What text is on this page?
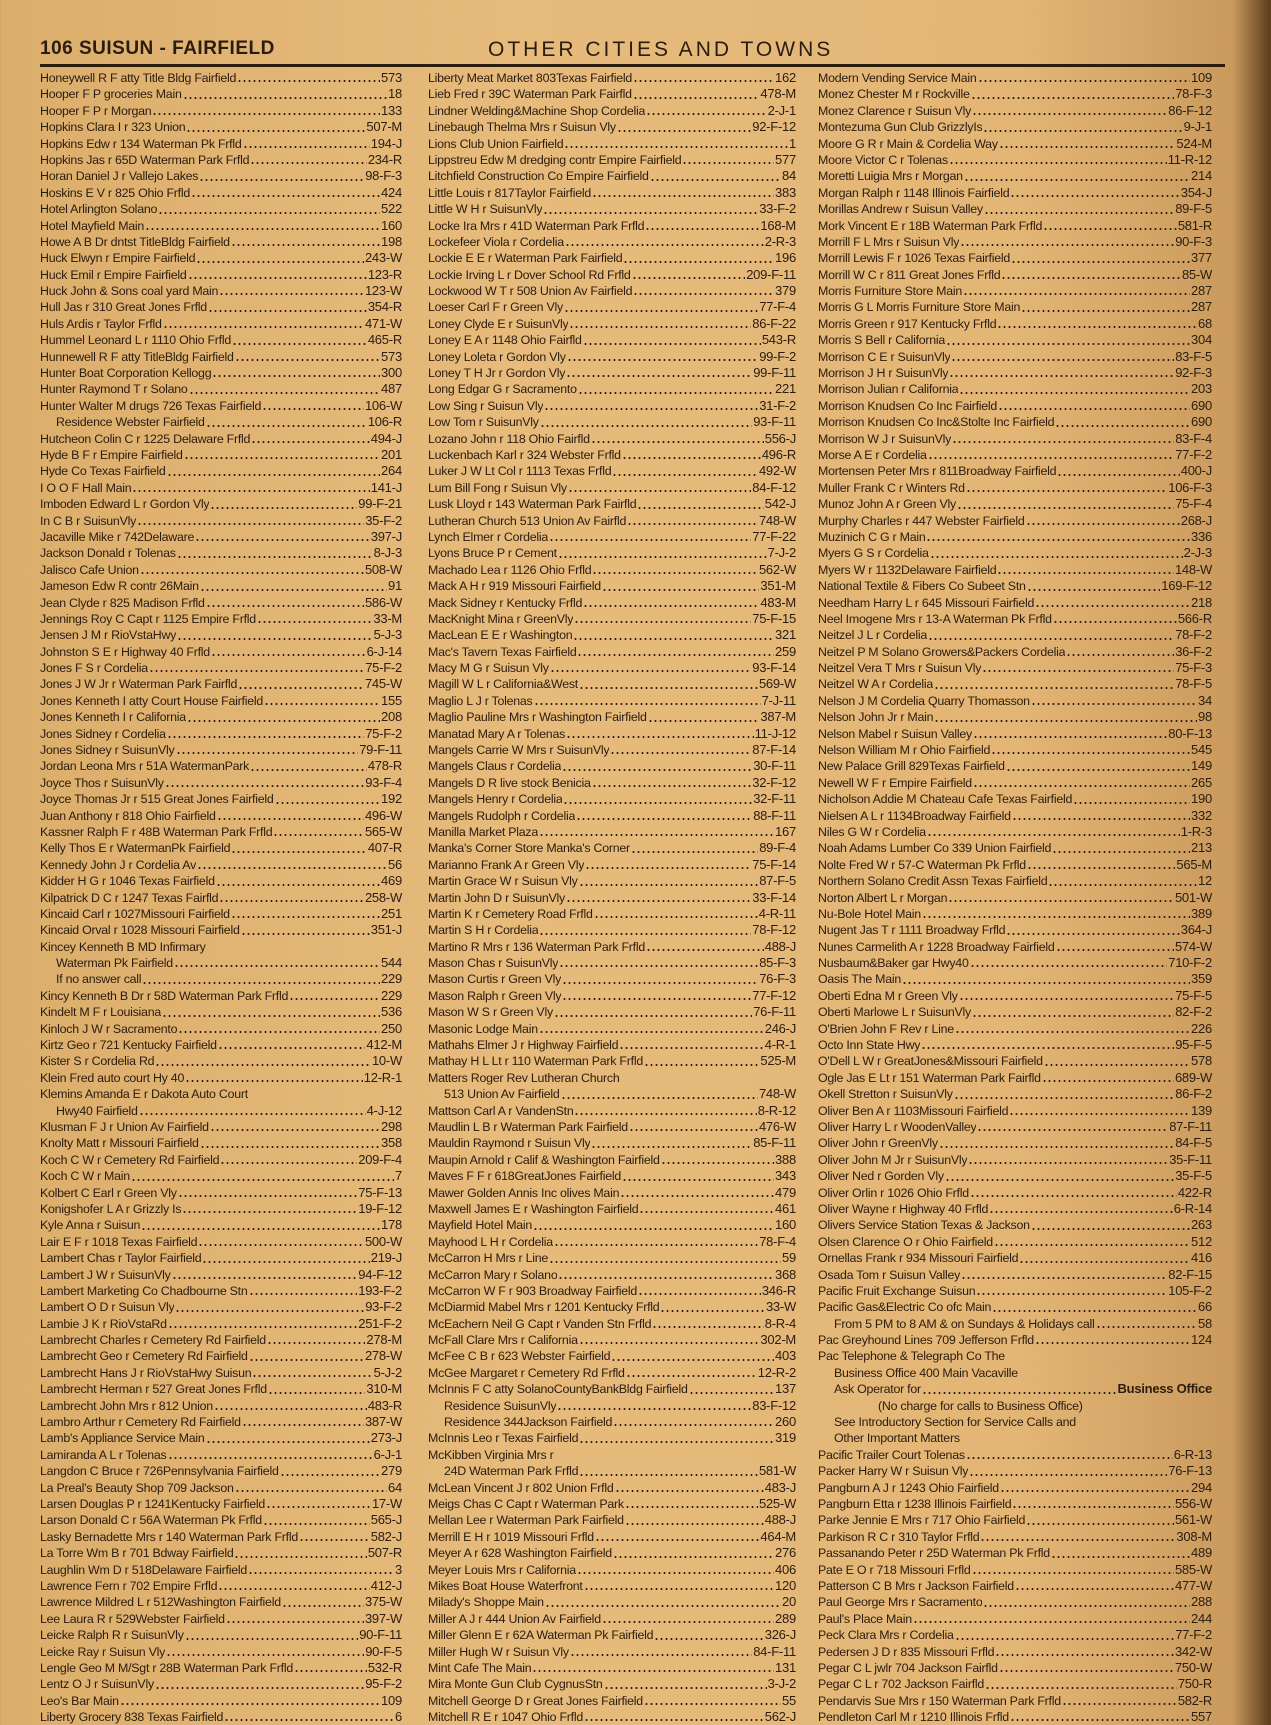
106 SUISUN - FAIRFIELD	OTHER CITIES AND TOWNS
Honeywell R F atty Title Bldg Fairfield	573
Hooper F P groceries Main	18
Hooper F P r Morgan	133
Hopkins Clara I r 323 Union	507-M
Hopkins Edw r 134 Waterman Pk Frfld	194-J
Hopkins Jas r 65D Waterman Park Frfld	234-R
Horan Daniel J r Vallejo Lakes	98-F-3
Hoskins E V r 825 Ohio Frfld	424
Hotel Arlington Solano	522
Hotel Mayfield Main	160
Howe A B Dr dntst TitleBldg Fairfield	198
Huck Elwyn r Empire Fairfield	243-W
Huck Emil r Empire Fairfield	123-R
Huck John & Sons coal yard Main	123-W
Hull Jas r 310 Great Jones Frfld	354-R
Huls Ardis r Taylor Frfld	471-W
Hummel Leonard L r 1110 Ohio Frfld	465-R
Hunnewell R F atty TitleBldg Fairfield	573
Hunter Boat Corporation Kellogg	300
Hunter Raymond T r Solano	487
Hunter Walter M drugs 726 Texas Fairfield	106-W
Residence Webster Fairfield	106-R
Hutcheon Colin C r 1225 Delaware Frfld	494-J
Hyde B F r Empire Fairfield	201
Hyde Co Texas Fairfield	264
I O O F Hall Main	141-J
Imboden Edward L r Gordon Vly	99-F-21
In C B r SuisunVly	35-F-2
Jacaville Mike r 742Delaware	397-J
Jackson Donald r Tolenas	8-J-3
Jalisco Cafe Union	508-W
Jameson Edw R contr 26Main	91
Jean Clyde r 825 Madison Frfld	586-W
Jennings Roy C Capt r 1125 Empire Frfld	33-M
Jensen J M r RioVstaHwy	5-J-3
Johnston S E r Highway 40 Frfld	6-J-14
Jones F S r Cordelia	75-F-2
Jones J W Jr r Waterman Park Fairfld	745-W
Jones Kenneth I atty Court House Fairfield	155
Jones Kenneth I r California	208
Jones Sidney r Cordelia	75-F-2
Jones Sidney r SuisunVly	79-F-11
Jordan Leona Mrs r 51A WatermanPark	478-R
Joyce Thos r SuisunVly	93-F-4
Joyce Thomas Jr r 515 Great Jones Fairfield	192
Juan Anthony r 818 Ohio Fairfield	496-W
Kassner Ralph F r 48B Waterman Park Frfld	565-W
Kelly Thos E r WatermanPk Fairfield	407-R
Kennedy John J r Cordelia Av	56
Kidder H G r 1046 Texas Fairfield	469
Kilpatrick D C r 1247 Texas Fairfld	258-W
Kincaid Carl r 1027Missouri Fairfield	251
Kincaid Orval r 1028 Missouri Fairfield	351-J
Kincey Kenneth B MD Infirmary
Waterman Pk Fairfield	544
If no answer call	229
Kincy Kenneth B Dr r 58D Waterman Park Frfld	229
Kindelt M F r Louisiana	536
Kinloch J W r Sacramento	250
Kirtz Geo r 721 Kentucky Fairfield	412-M
Kister S r Cordelia Rd	10-W
Klein Fred auto court Hy 40	12-R-1
Klemins Amanda E r Dakota Auto Court
Hwy40 Fairfield	4-J-12
Klusman F J r Union Av Fairfield	298
Knolty Matt r Missouri Fairfield	358
Koch C W r Cemetery Rd Fairfield	209-F-4
Koch C W r Main	7
Kolbert C Earl r Green Vly	75-F-13
Konigshofer L A r Grizzly Is	19-F-12
Kyle Anna r Suisun	178
Lair E F r 1018 Texas Fairfield	500-W
Lambert Chas r Taylor Fairfield	219-J
Lambert J W r SuisunVly	94-F-12
Lambert Marketing Co Chadbourne Stn	193-F-2
Lambert O D r Suisun Vly	93-F-2
Lambie J K r RioVstaRd	251-F-2
Lambrecht Charles r Cemetery Rd Fairfield	278-M
Lambrecht Geo r Cemetery Rd Fairfield	278-W
Lambrecht Hans J r RioVstaHwy Suisun	5-J-2
Lambrecht Herman r 527 Great Jones Frfld	310-M
Lambrecht John Mrs r 812 Union	483-R
Lambro Arthur r Cemetery Rd Fairfield	387-W
Lamb's Appliance Service Main	273-J
Lamiranda A L r Tolenas	6-J-1
Langdon C Bruce r 726Pennsylvania Fairfield	279
La Preal's Beauty Shop 709 Jackson	64
Larsen Douglas P r 1241Kentucky Fairfield	17-W
Larson Donald C r 56A Waterman Pk Frfld	565-J
Lasky Bernadette Mrs r 140 Waterman Park Frfld	582-J
La Torre Wm B r 701 Bdway Fairfield	507-R
Laughlin Wm D r 518Delaware Fairfield	3
Lawrence Fern r 702 Empire Frfld	412-J
Lawrence Mildred L r 512Washington Fairfield	375-W
Lee Laura R r 529Webster Fairfield	397-W
Leicke Ralph R r SuisunVly	90-F-11
Leicke Ray r Suisun Vly	90-F-5
Lengle Geo M M/Sgt r 28B Waterman Park Frfld	532-R
Lentz O J r SuisunVly	95-F-2
Leo's Bar Main	109
Liberty Grocery 838 Texas Fairfield	6
Liberty Meat Market 803Texas Fairfield	162
Lieb Fred r 39C Waterman Park Fairfld	478-M
Lindner Welding&Machine Shop Cordelia	2-J-1
Linebaugh Thelma Mrs r Suisun Vly	92-F-12
Lions Club Union Fairfield	1
Lippstreu Edw M dredging contr Empire Fairfield	577
Litchfield Construction Co Empire Fairfield	84
Little Louis r 817Taylor Fairfield	383
Little W H r SuisunVly	33-F-2
Locke Ira Mrs r 41D Waterman Park Frfld	168-M
Lockefeer Viola r Cordelia	2-R-3
Lockie E E r Waterman Park Fairfield	196
Lockie Irving L r Dover School Rd Frfld	209-F-11
Lockwood W T r 508 Union Av Fairfield	379
Loeser Carl F r Green Vly	77-F-4
Loney Clyde E r SuisunVly	86-F-22
Loney E A r 1148 Ohio Fairfld	543-R
Loney Loleta r Gordon Vly	99-F-2
Loney T H Jr r Gordon Vly	99-F-11
Long Edgar G r Sacramento	221
Low Sing r Suisun Vly	31-F-2
Low Tom r SuisunVly	93-F-11
Lozano John r 118 Ohio Fairfld	556-J
Luckenbach Karl r 324 Webster Frfld	496-R
Luker J W Lt Col r 1113 Texas Frfld	492-W
Lum Bill Fong r Suisun Vly	84-F-12
Lusk Lloyd r 143 Waterman Park Fairfld	542-J
Lutheran Church 513 Union Av Fairfld	748-W
Lynch Elmer r Cordelia	77-F-22
Lyons Bruce P r Cement	7-J-2
Machado Lea r 1126 Ohio Frfld	562-W
Mack A H r 919 Missouri Fairfield	351-M
Mack Sidney r Kentucky Frfld	483-M
MacKnight Mina r GreenVly	75-F-15
MacLean E E r Washington	321
Mac's Tavern Texas Fairfield	259
Macy M G r Suisun Vly	93-F-14
Magill W L r California&West	569-W
Maglio L J r Tolenas	7-J-11
Maglio Pauline Mrs r Washington Fairfield	387-M
Manatad Mary A r Tolenas	11-J-12
Mangels Carrie W Mrs r SuisunVly	87-F-14
Mangels Claus r Cordelia	30-F-11
Mangels D R live stock Benicia	32-F-12
Mangels Henry r Cordelia	32-F-11
Mangels Rudolph r Cordelia	88-F-11
Manilla Market Plaza	167
Manka's Corner Store Manka's Corner	89-F-4
Marianno Frank A r Green Vly	75-F-14
Martin Grace W r Suisun Vly	87-F-5
Martin John D r SuisunVly	33-F-14
Martin K r Cemetery Road Frfld	4-R-11
Martin S H r Cordelia	78-F-12
Martino R Mrs r 136 Waterman Park Frfld	488-J
Mason Chas r SuisunVly	85-F-3
Mason Curtis r Green Vly	76-F-3
Mason Ralph r Green Vly	77-F-12
Mason W S r Green Vly	76-F-11
Masonic Lodge Main	246-J
Mathahs Elmer J r Highway Fairfield	4-R-1
Mathay H L Lt r 110 Waterman Park Frfld	525-M
Matters Roger Rev Lutheran Church
513 Union Av Fairfield	748-W
Mattson Carl A r VandenStn	8-R-12
Maudlin L B r Waterman Park Fairfield	476-W
Mauldin Raymond r Suisun Vly	85-F-11
Maupin Arnold r Calif & Washington Fairfield	388
Maves F F r 618GreatJones Fairfield	343
Mawer Golden Annis Inc olives Main	479
Maxwell James E r Washington Fairfield	461
Mayfield Hotel Main	160
Mayhood L H r Cordelia	78-F-4
McCarron H Mrs r Line	59
McCarron Mary r Solano	368
McCarron W F r 903 Broadway Fairfield	346-R
McDiarmid Mabel Mrs r 1201 Kentucky Frfld	33-W
McEachern Neil G Capt r Vanden Stn Frfld	8-R-4
McFall Clare Mrs r California	302-M
McFee C B r 623 Webster Fairfield	403
McGee Margaret r Cemetery Rd Frfld	12-R-2
McInnis F C atty SolanoCountyBankBldg Fairfield	137
Residence SuisunVly	83-F-12
Residence 344Jackson Fairfield	260
McInnis Leo r Texas Fairfield	319
McKibben Virginia Mrs r
24D Waterman Park Frfld	581-W
McLean Vincent J r 802 Union Frfld	483-J
Meigs Chas C Capt r Waterman Park	525-W
Mellan Lee r Waterman Park Fairfield	488-J
Merrill E H r 1019 Missouri Frfld	464-M
Meyer A r 628 Washington Fairfield	276
Meyer Louis Mrs r California	406
Mikes Boat House Waterfront	120
Milady's Shoppe Main	20
Miller A J r 444 Union Av Fairfield	289
Miller Glenn E r 62A Waterman Pk Fairfield	326-J
Miller Hugh W r Suisun Vly	84-F-11
Mint Cafe The Main	131
Mira Monte Gun Club CygnusStn	3-J-2
Mitchell George D r Great Jones Fairfield	55
Mitchell R E r 1047 Ohio Frfld	562-J
Modern Vending Service Main	109
Monez Chester M r Rockville	78-F-3
Monez Clarence r Suisun Vly	86-F-12
Montezuma Gun Club GrizzlyIs	9-J-1
Moore G R r Main & Cordelia Way	524-M
Moore Victor C r Tolenas	11-R-12
Moretti Luigia Mrs r Morgan	214
Morgan Ralph r 1148 Illinois Fairfield	354-J
Morillas Andrew r Suisun Valley	89-F-5
Mork Vincent E r 18B Waterman Park Frfld	581-R
Morrill F L Mrs r Suisun Vly	90-F-3
Morrill Lewis F r 1026 Texas Fairfield	377
Morrill W C r 811 Great Jones Frfld	85-W
Morris Furniture Store Main	287
Morris G L Morris Furniture Store Main	287
Morris Green r 917 Kentucky Frfld	68
Morris S Bell r California	304
Morrison C E r SuisunVly	83-F-5
Morrison J H r SuisunVly	92-F-3
Morrison Julian r California	203
Morrison Knudsen Co Inc Fairfield	690
Morrison Knudsen Co Inc&Stolte Inc Fairfield	690
Morrison W J r SuisunVly	83-F-4
Morse A E r Cordelia	77-F-2
Mortensen Peter Mrs r 811Broadway Fairfield	400-J
Muller Frank C r Winters Rd	106-F-3
Munoz John A r Green Vly	75-F-4
Murphy Charles r 447 Webster Fairfield	268-J
Muzinich C G r Main	336
Myers G S r Cordelia	2-J-3
Myers W r 1132Delaware Fairfield	148-W
National Textile & Fibers Co Subeet Stn	169-F-12
Needham Harry L r 645 Missouri Fairfield	218
Neel Imogene Mrs r 13-A Waterman Pk Frfld	566-R
Neitzel J L r Cordelia	78-F-2
Neitzel P M Solano Growers&Packers Cordelia	36-F-2
Neitzel Vera T Mrs r Suisun Vly	75-F-3
Neitzel W A r Cordelia	78-F-5
Nelson J M Cordelia Quarry Thomasson	34
Nelson John Jr r Main	98
Nelson Mabel r Suisun Valley	80-F-13
Nelson William M r Ohio Fairfield	545
New Palace Grill 829Texas Fairfield	149
Newell W F r Empire Fairfield	265
Nicholson Addie M Chateau Cafe Texas Fairfield	190
Nielsen A L r 1134Broadway Fairfield	332
Niles G W r Cordelia	1-R-3
Noah Adams Lumber Co 339 Union Fairfield	213
Nolte Fred W r 57-C Waterman Pk Frfld	565-M
Northern Solano Credit Assn Texas Fairfield	12
Norton Albert L r Morgan	501-W
Nu-Bole Hotel Main	389
Nugent Jas T r 1111 Broadway Frfld	364-J
Nunes Carmelith A r 1228 Broadway Fairfield	574-W
Nusbaum&Baker gar Hwy40	710-F-2
Oasis The Main	359
Oberti Edna M r Green Vly	75-F-5
Oberti Marlowe L r SuisunVly	82-F-2
O'Brien John F Rev r Line	226
Octo Inn State Hwy	95-F-5
O'Dell L W r GreatJones&Missouri Fairfield	578
Ogle Jas E Lt r 151 Waterman Park Fairfld	689-W
Okell Stretton r SuisunVly	86-F-2
Oliver Ben A r 1103Missouri Fairfield	139
Oliver Harry L r WoodenValley	87-F-11
Oliver John r GreenVly	84-F-5
Oliver John M Jr r SuisunVly	35-F-11
Oliver Ned r Gorden Vly	35-F-5
Oliver Orlin r 1026 Ohio Frfld	422-R
Oliver Wayne r Highway 40 Frfld	6-R-14
Olivers Service Station Texas & Jackson	263
Olsen Clarence O r Ohio Fairfield	512
Ornellas Frank r 934 Missouri Fairfield	416
Osada Tom r Suisun Valley	82-F-15
Pacific Fruit Exchange Suisun	105-F-2
Pacific Gas&Electric Co ofc Main	66
From 5 PM to 8 AM & on Sundays & Holidays call	58
Pac Greyhound Lines 709 Jefferson Frfld	124
Pac Telephone & Telegraph Co The
Business Office 400 Main Vacaville
Ask Operator for	Business Office
(No charge for calls to Business Office)
See Introductory Section for Service Calls and
Other Important Matters
Pacific Trailer Court Tolenas	6-R-13
Packer Harry W r Suisun Vly	76-F-13
Pangburn A J r 1243 Ohio Fairfield	294
Pangburn Etta r 1238 Illinois Fairfield	556-W
Parke Jennie E Mrs r 717 Ohio Fairfield	561-W
Parkison R C r 310 Taylor Frfld	308-M
Passanando Peter r 25D Waterman Pk Frfld	489
Pate E O r 718 Missouri Frfld	585-W
Patterson C B Mrs r Jackson Fairfield	477-W
Paul George Mrs r Sacramento	288
Paul's Place Main	244
Peck Clara Mrs r Cordelia	77-F-2
Pedersen J D r 835 Missouri Frfld	342-W
Pegar C L jwlr 704 Jackson Fairfld	750-W
Pegar C L r 702 Jackson Fairfld	750-R
Pendarvis Sue Mrs r 150 Waterman Park Frfld	582-R
Pendleton Carl M r 1210 Illinois Frfld	557
